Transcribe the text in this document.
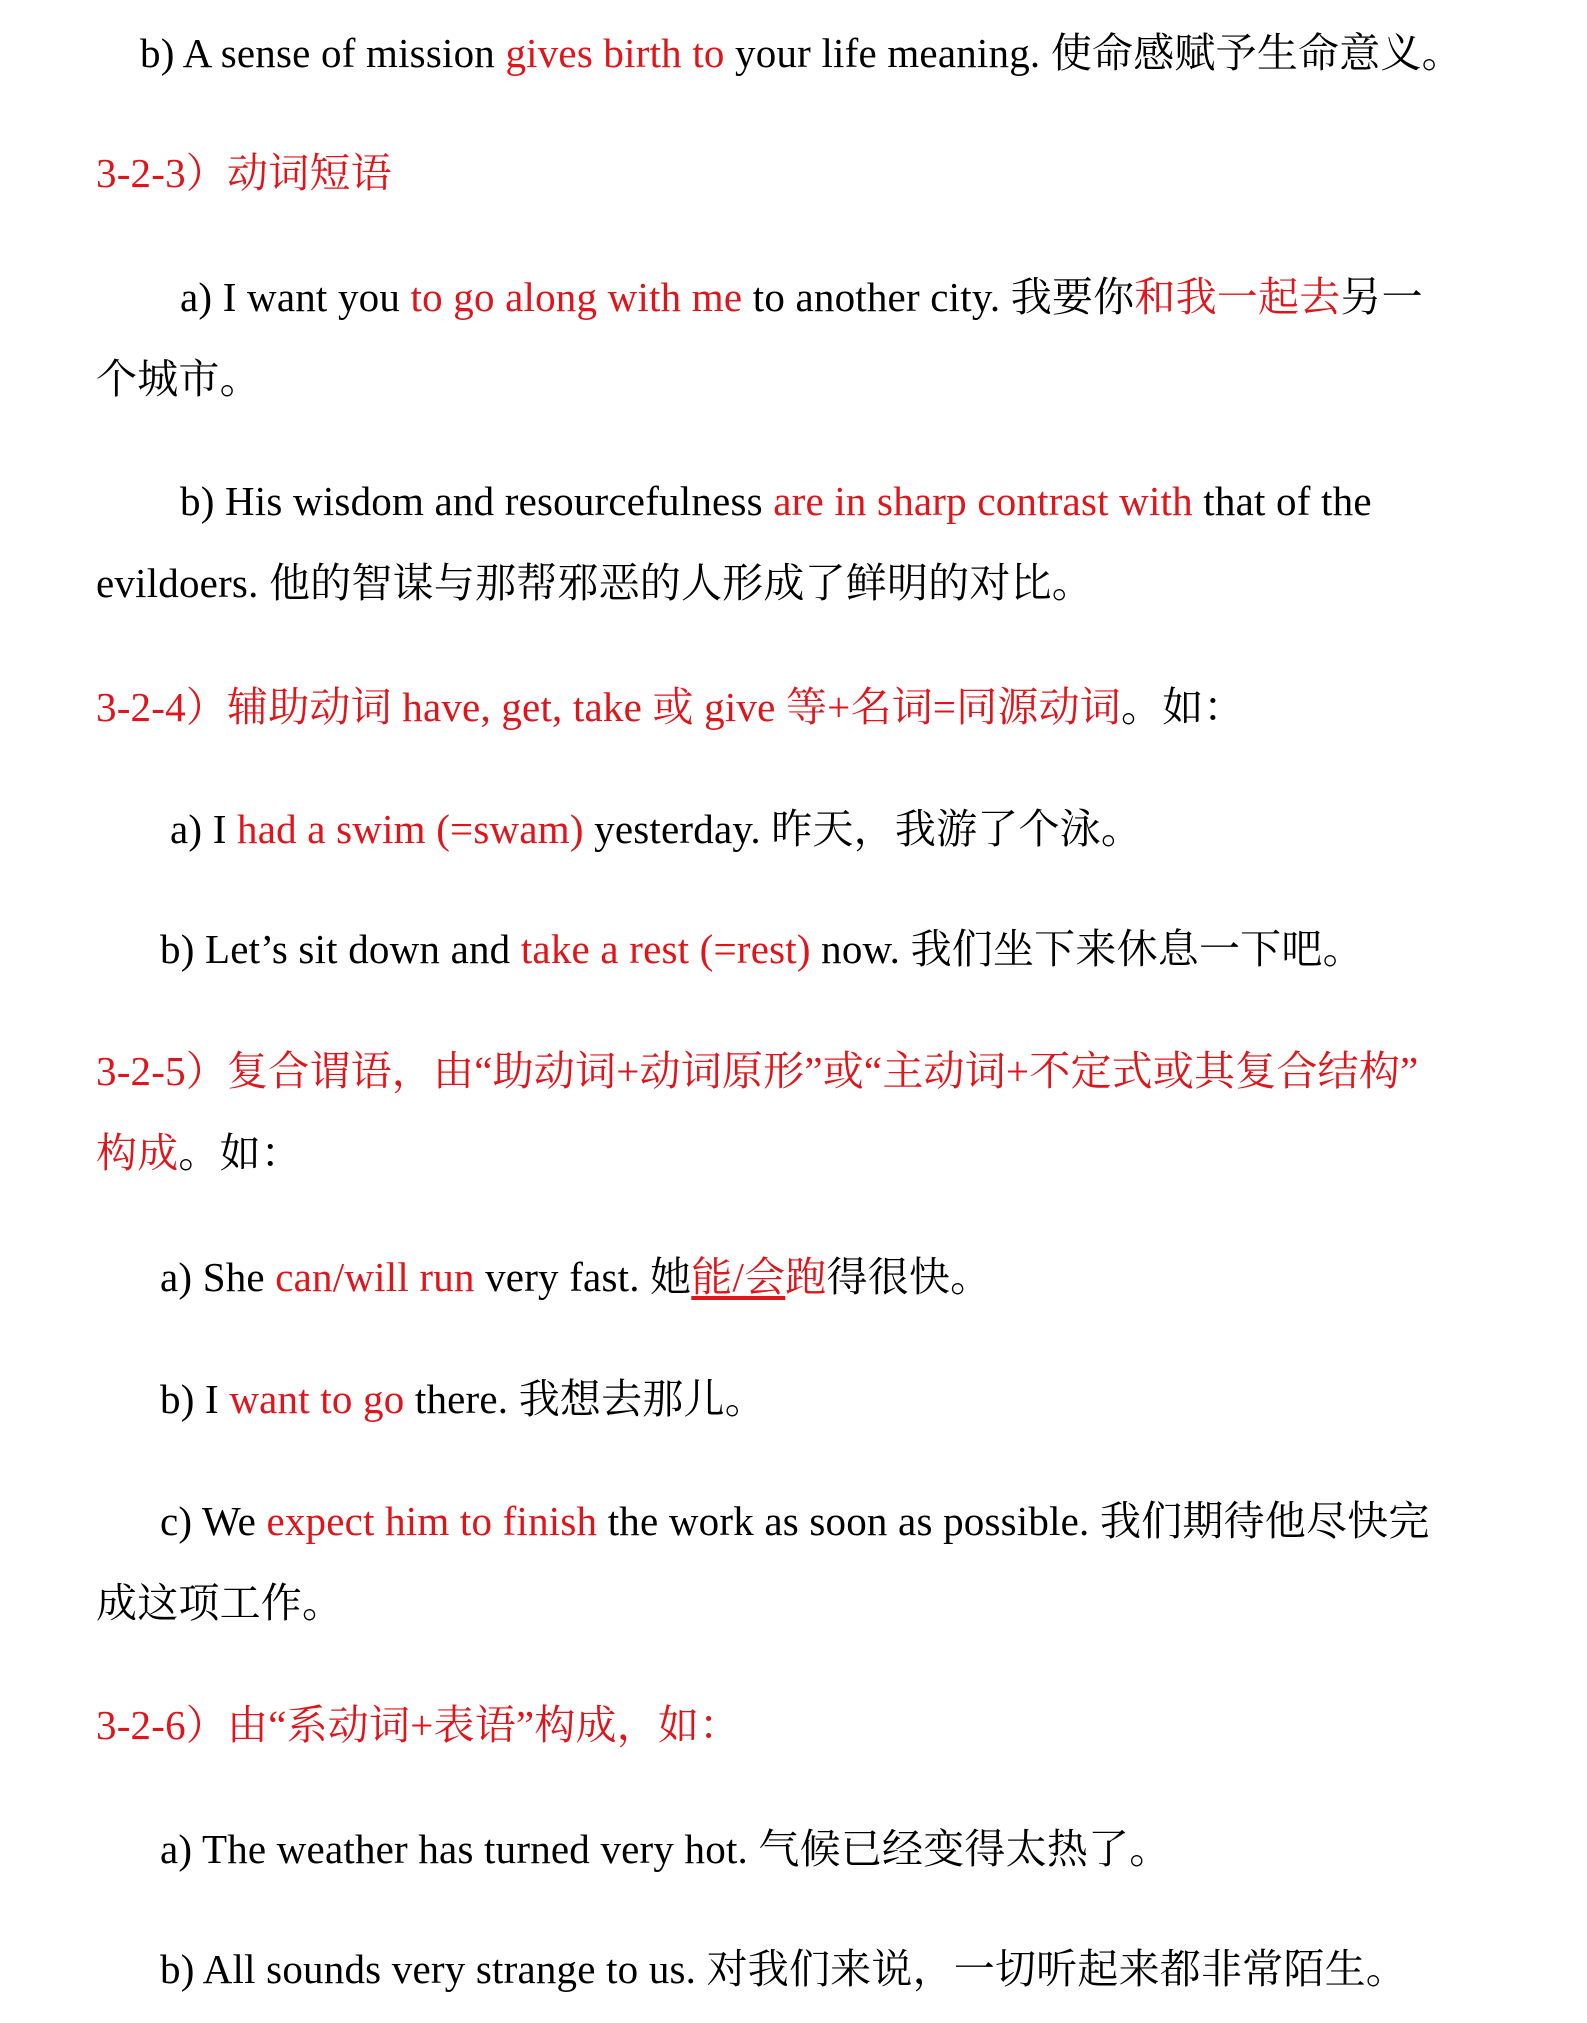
b) A sense of mission gives birth to your life meaning. 使命感赋予生命意义。
3-2-3）动词短语
a) I want you to go along with me to another city. 我要你和我一起去另一
个城市。
b) His wisdom and resourcefulness are in sharp contrast with that of the
evildoers. 他的智谋与那帮邪恶的人形成了鲜明的对比。
3-2-4）辅助动词 have, get, take 或 give 等+名词=同源动词。如：
a) I had a swim (=swam) yesterday. 昨天，我游了个泳。
b) Let’s sit down and take a rest (=rest) now. 我们坐下来休息一下吧。
3-2-5）复合谓语，由“助动词+动词原形”或“主动词+不定式或其复合结构”
构成。如：
a) She can/will run very fast. 她能/会跑得很快。
b) I want to go there. 我想去那儿。
c) We expect him to finish the work as soon as possible. 我们期待他尽快完
成这项工作。
3-2-6）由“系动词+表语”构成，如：
a) The weather has turned very hot. 气候已经变得太热了。
b) All sounds very strange to us. 对我们来说，一切听起来都非常陌生。
